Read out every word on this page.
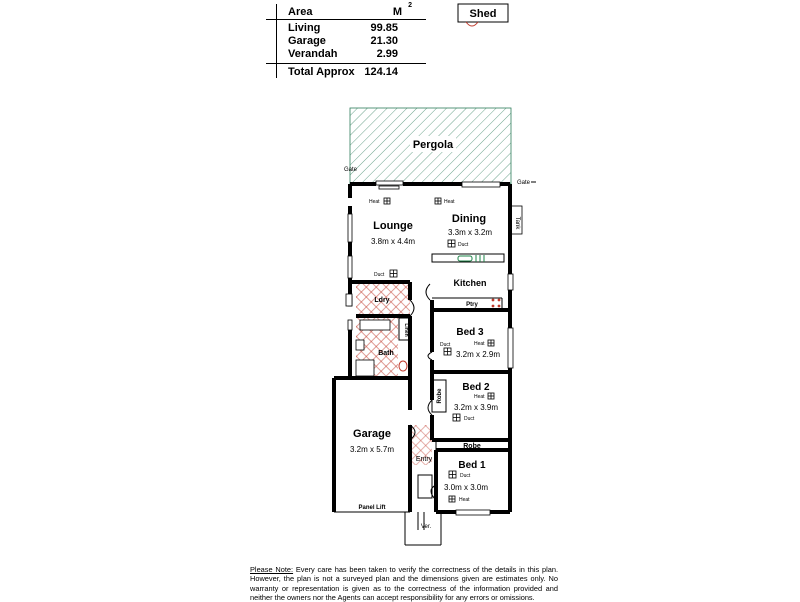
Area	M
2
Living	99.85
Garage	21.30
Verandah	2.99
Total Approx 124.14
Shed
Pergola
Gate
Gate
Tank
Lounge
3.8m x 4.4m
Dining
3.3m x 3.2m
Kitchen
Ptry
Ldry
Linen
Bath
Bed 3
3.2m x 2.9m
Bed 2
3.2m x 3.9m
Robe
Robe
Bed 1
3.0m x 3.0m
Garage
3.2m x 5.7m
Panel Lift
Entry
Ver.
Heat	Heat
Duct
Duct
Heat
Duct
Heat
Duct
Duct
Heat
Please Note: Every care has been taken to verify the correctness of the details in this plan. However, the plan is not a surveyed plan and the dimensions given are estimates only. No warranty or representation is given as to the correctness of the information provided and neither the owners nor the Agents can accept responsibility for any errors or omissions.
